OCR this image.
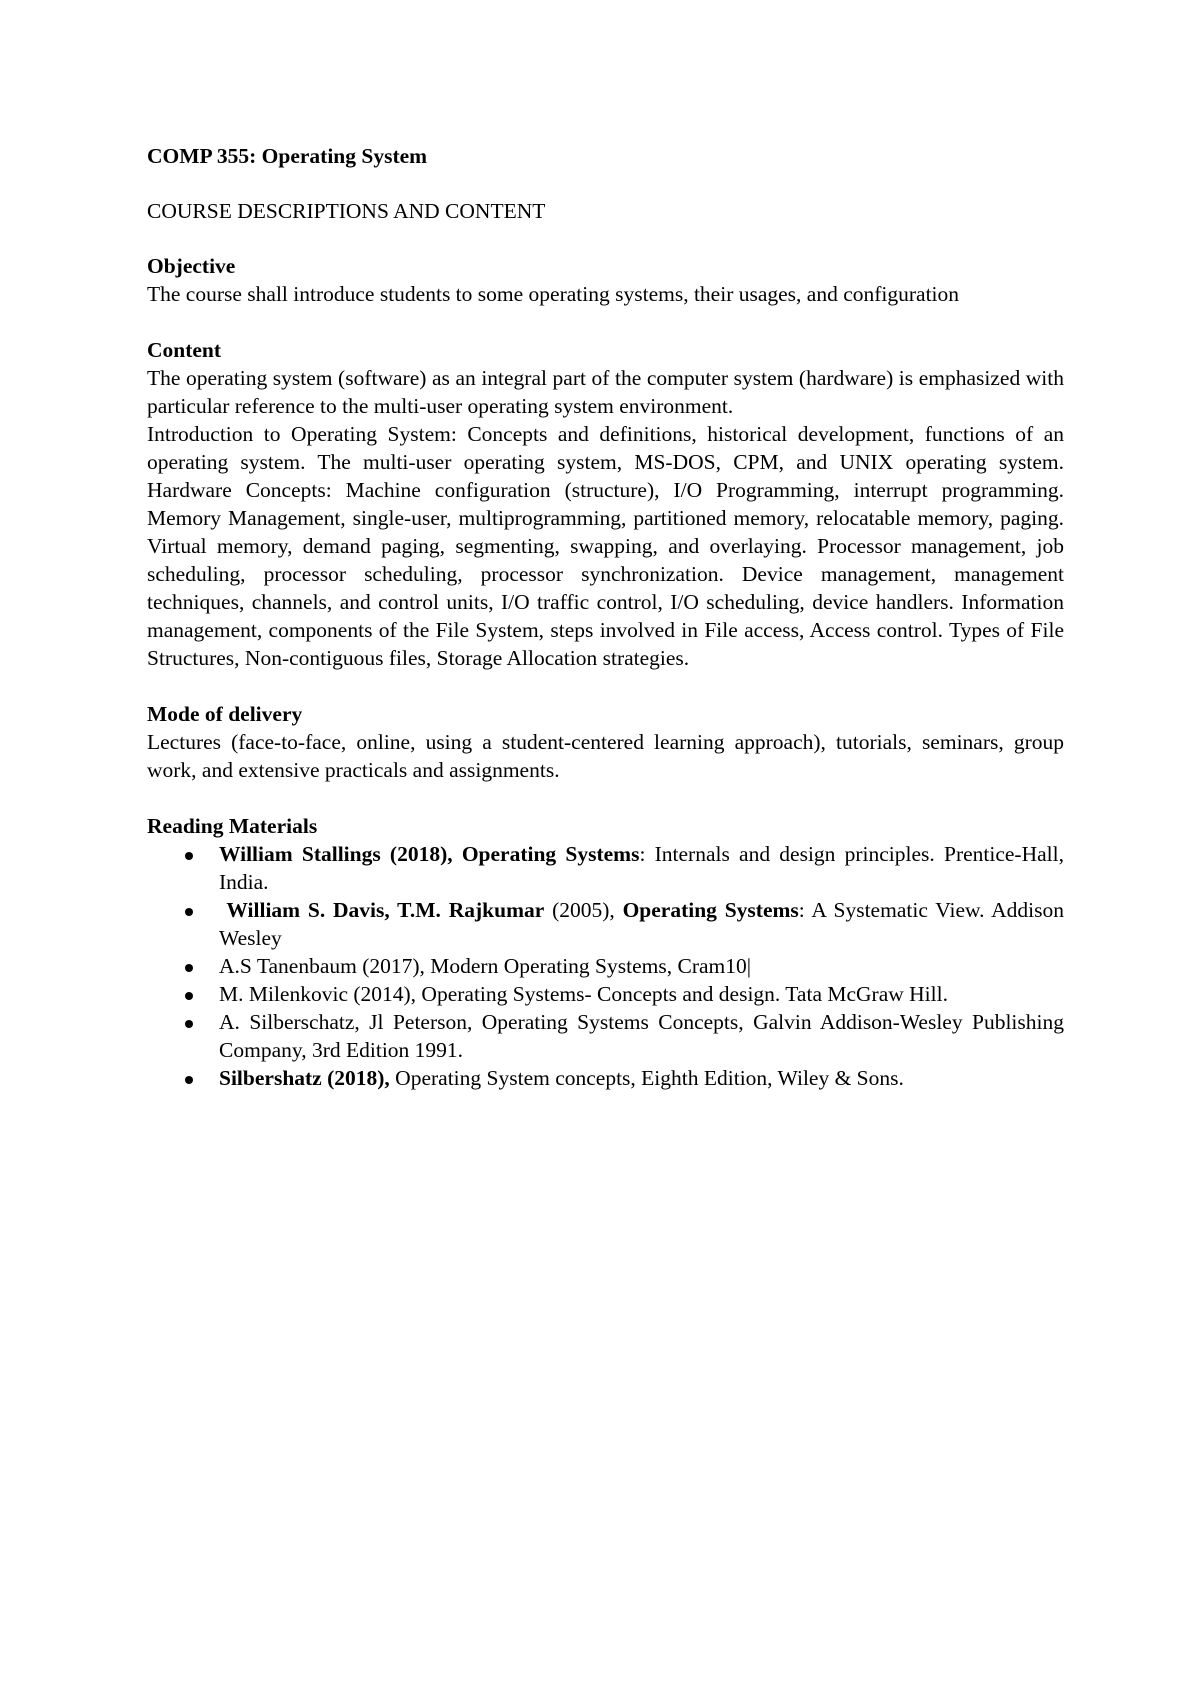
COMP 355: Operating System
COURSE DESCRIPTIONS AND CONTENT
Objective
The course shall introduce students to some operating systems, their usages, and configuration
Content
The operating system (software) as an integral part of the computer system (hardware) is emphasized with particular reference to the multi-user operating system environment.
Introduction to Operating System: Concepts and definitions, historical development, functions of an operating system. The multi-user operating system, MS-DOS, CPM, and UNIX operating system. Hardware Concepts: Machine configuration (structure), I/O Programming, interrupt programming. Memory Management, single-user, multiprogramming, partitioned memory, relocatable memory, paging. Virtual memory, demand paging, segmenting, swapping, and overlaying. Processor management, job scheduling, processor scheduling, processor synchronization. Device management, management techniques, channels, and control units, I/O traffic control, I/O scheduling, device handlers. Information management, components of the File System, steps involved in File access, Access control. Types of File Structures, Non-contiguous files, Storage Allocation strategies.
Mode of delivery
Lectures (face-to-face, online, using a student-centered learning approach), tutorials, seminars, group work, and extensive practicals and assignments.
Reading Materials
William Stallings (2018), Operating Systems: Internals and design principles. Prentice-Hall, India.
William S. Davis, T.M. Rajkumar (2005), Operating Systems: A Systematic View. Addison Wesley
A.S Tanenbaum (2017), Modern Operating Systems, Cram10|
M. Milenkovic (2014), Operating Systems- Concepts and design. Tata McGraw Hill.
A. Silberschatz, Jl Peterson, Operating Systems Concepts, Galvin Addison-Wesley Publishing Company, 3rd Edition 1991.
Silbershatz (2018), Operating System concepts, Eighth Edition, Wiley & Sons.
